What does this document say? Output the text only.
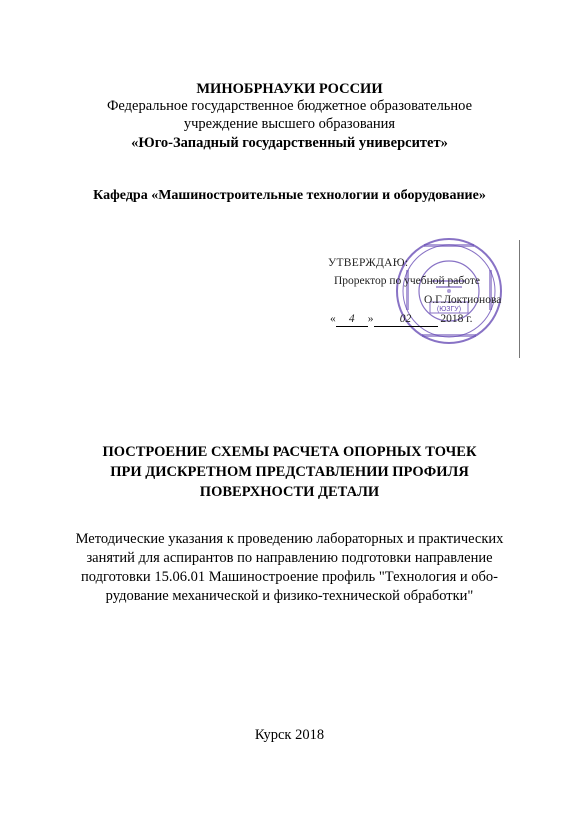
МИНОБРНАУКИ РОССИИ
Федеральное государственное бюджетное образовательное
учреждение высшего образования
«Юго-Западный государственный университет»
Кафедра «Машиностроительные технологии и оборудование»
(ЮЗГУ)
УТВЕРЖДАЮ:
Проректор по учебной работе
О.Г.Локтионова
« 4 » 02	2018 г.
ПОСТРОЕНИЕ СХЕМЫ РАСЧЕТА ОПОРНЫХ ТОЧЕК
ПРИ ДИСКРЕТНОМ ПРЕДСТАВЛЕНИИ ПРОФИЛЯ
ПОВЕРХНОСТИ ДЕТАЛИ
Методические указания к проведению лабораторных и практических
занятий для аспирантов по направлению подготовки направление
подготовки 15.06.01 Машиностроение профиль "Технология и обо-
рудование механической и физико-технической обработки"
Курск 2018
